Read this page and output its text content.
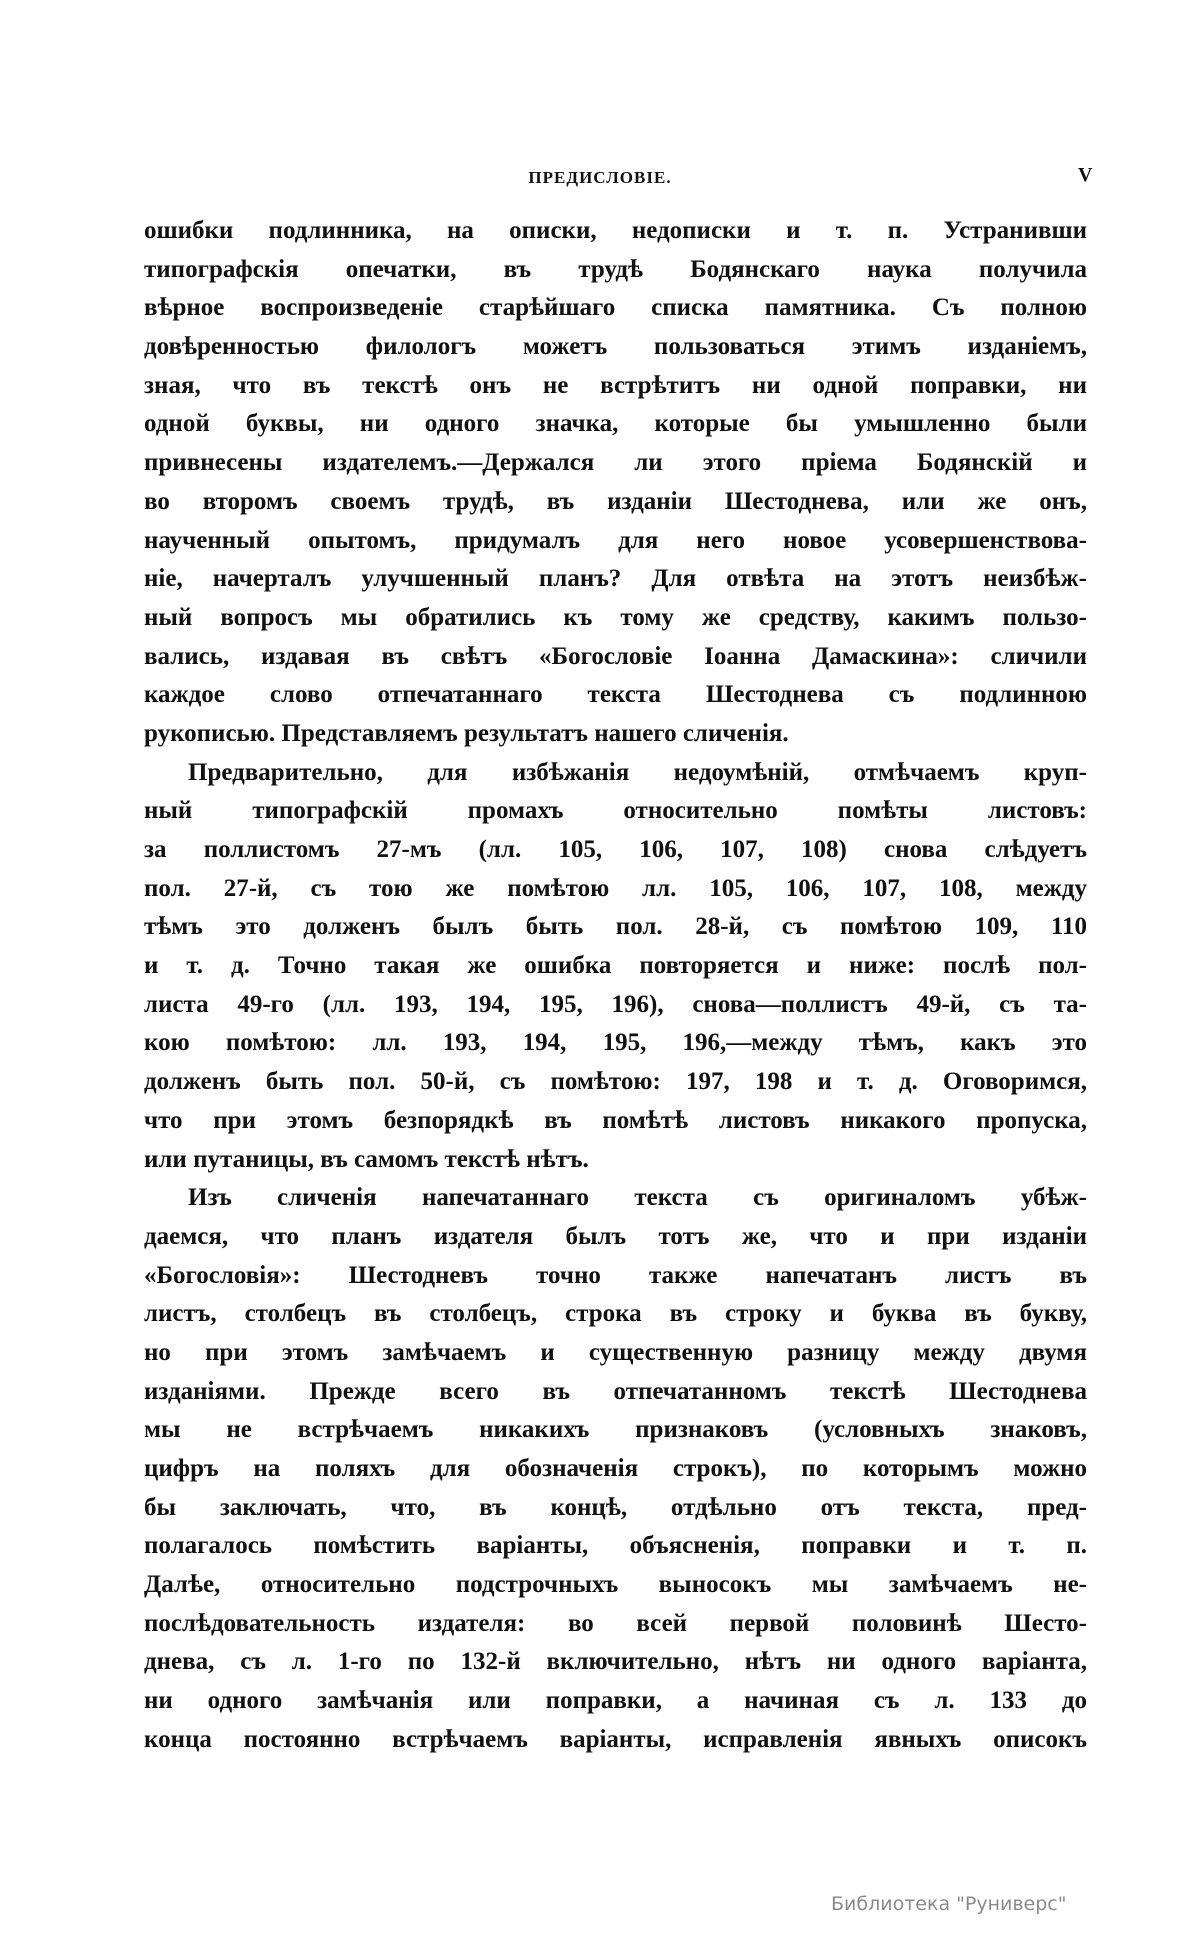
ПРЕДИСЛОВІЕ.	V
ошибки подлинника, на описки, недописки и т. п. Устранивши
типографскія опечатки, въ трудѣ Бодянскаго наука получила
вѣрное воспроизведеніе старѣйшаго списка памятника. Съ полною
довѣренностью филологъ можетъ пользоваться этимъ изданіемъ,
зная, что въ текстѣ онъ не встрѣтитъ ни одной поправки, ни
одной буквы, ни одного значка, которые бы умышленно были
привнесены издателемъ.—Держался ли этого пріема Бодянскій и
во второмъ своемъ трудѣ, въ изданіи Шестоднева, или же онъ,
наученный опытомъ, придумалъ для него новое усовершенствова-
ніе, начерталъ улучшенный планъ? Для отвѣта на этотъ неизбѣж-
ный вопросъ мы обратились къ тому же средству, какимъ пользо-
вались, издавая въ свѣтъ «Богословіе Іоанна Дамаскина»: сличили
каждое слово отпечатаннаго текста Шестоднева съ подлинною
рукописью. Представляемъ результатъ нашего сличенія.
Предварительно, для избѣжанія недоумѣній, отмѣчаемъ круп-
ный типографскій промахъ относительно помѣты листовъ:
за поллистомъ 27-мъ (лл. 105, 106, 107, 108) снова слѣдуетъ
пол. 27-й, съ тою же помѣтою лл. 105, 106, 107, 108, между
тѣмъ это долженъ былъ быть пол. 28-й, съ помѣтою 109, 110
и т. д. Точно такая же ошибка повторяется и ниже: послѣ пол-
листа 49-го (лл. 193, 194, 195, 196), снова—поллистъ 49-й, съ та-
кою помѣтою: лл. 193, 194, 195, 196,—между тѣмъ, какъ это
долженъ быть пол. 50-й, съ помѣтою: 197, 198 и т. д. Оговоримся,
что при этомъ безпорядкѣ въ помѣтѣ листовъ никакого пропуска,
или путаницы, въ самомъ текстѣ нѣтъ.
Изъ сличенія напечатаннаго текста съ оригиналомъ убѣж-
даемся, что планъ издателя былъ тотъ же, что и при изданіи
«Богословія»: Шестодневъ точно также напечатанъ листъ въ
листъ, столбецъ въ столбецъ, строка въ строку и буква въ букву,
но при этомъ замѣчаемъ и существенную разницу между двумя
изданіями. Прежде всего въ отпечатанномъ текстѣ Шестоднева
мы не встрѣчаемъ никакихъ признаковъ (условныхъ знаковъ,
цифръ на поляхъ для обозначенія строкъ), по которымъ можно
бы заключать, что, въ концѣ, отдѣльно отъ текста, пред-
полагалось помѣстить варіанты, объясненія, поправки и т. п.
Далѣе, относительно подстрочныхъ выносокъ мы замѣчаемъ не-
послѣдовательность издателя: во всей первой половинѣ Шесто-
днева, съ л. 1-го по 132-й включительно, нѣтъ ни одного варіанта,
ни одного замѣчанія или поправки, а начиная съ л. 133 до
конца постоянно встрѣчаемъ варіанты, исправленія явныхъ описокъ
Библиотека "Руниверс"
